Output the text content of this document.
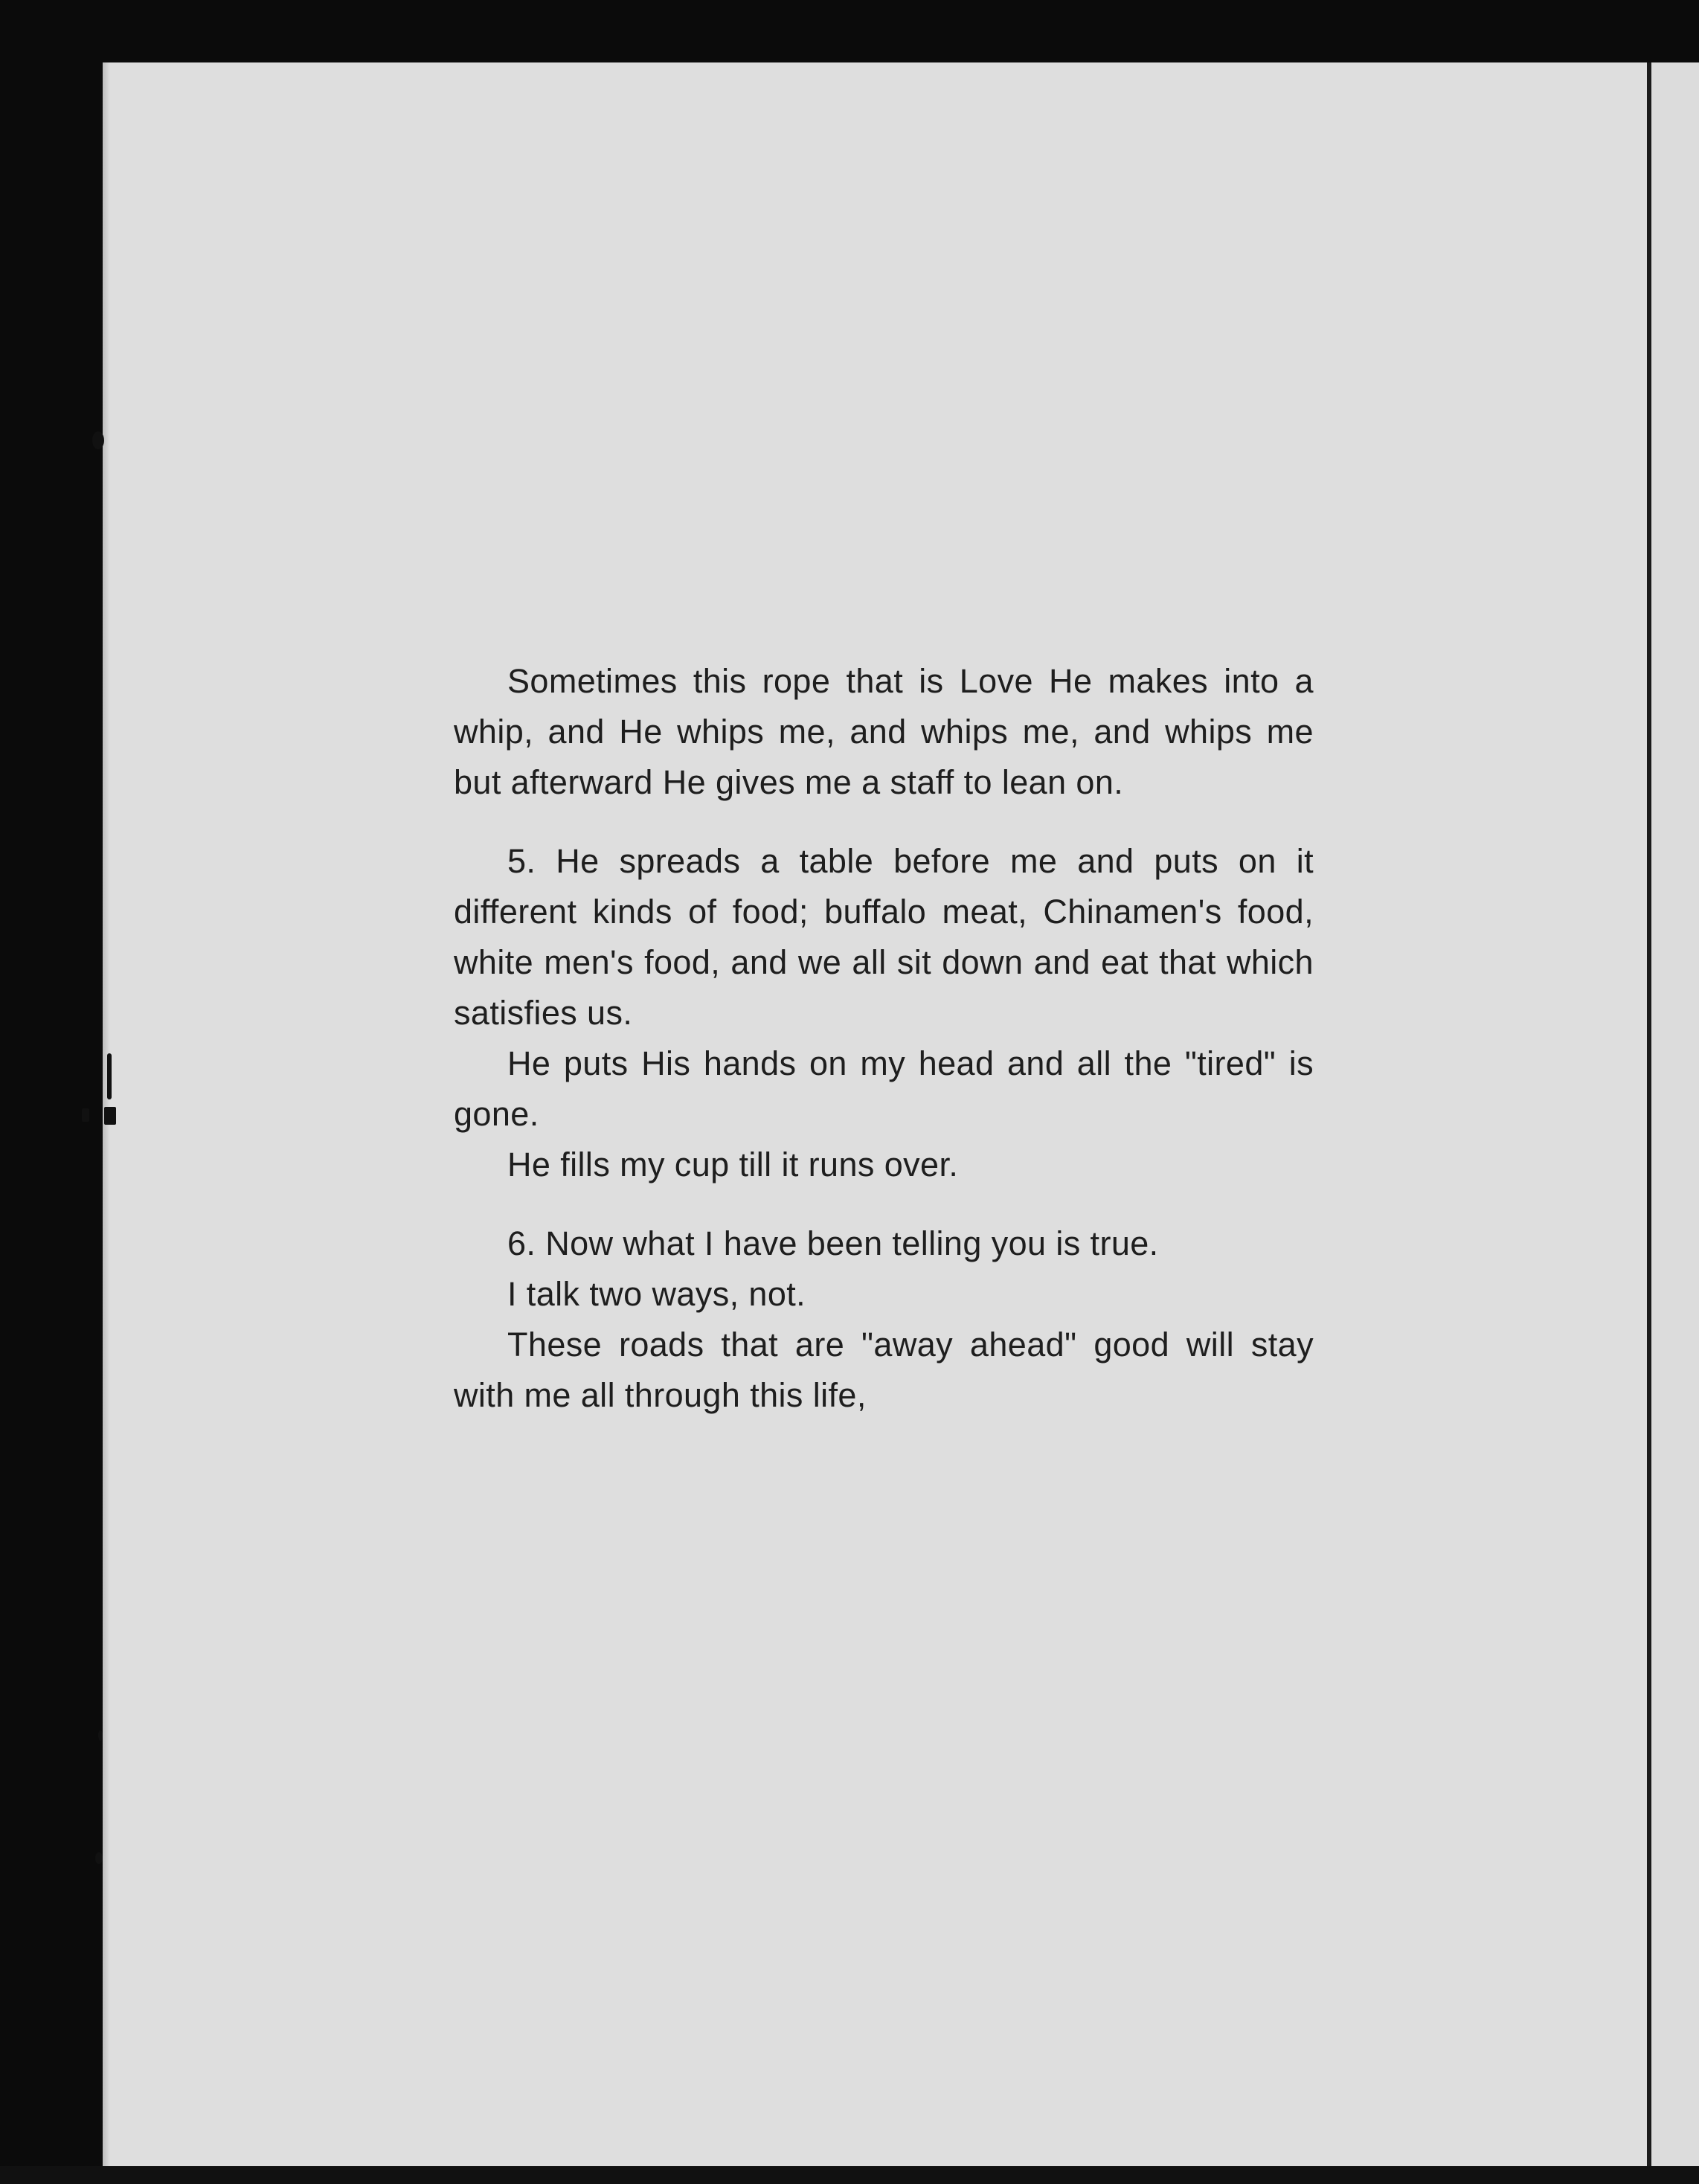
Sometimes this rope that is Love He makes into a whip, and He whips me, and whips me, and whips me but afterward He gives me a staff to lean on.

5. He spreads a table before me and puts on it different kinds of food; buffalo meat, Chinamen's food, white men's food, and we all sit down and eat that which satisfies us.

He puts His hands on my head and all the "tired" is gone.

He fills my cup till it runs over.

6. Now what I have been telling you is true.

I talk two ways, not.

These roads that are "away ahead" good will stay with me all through this life,
